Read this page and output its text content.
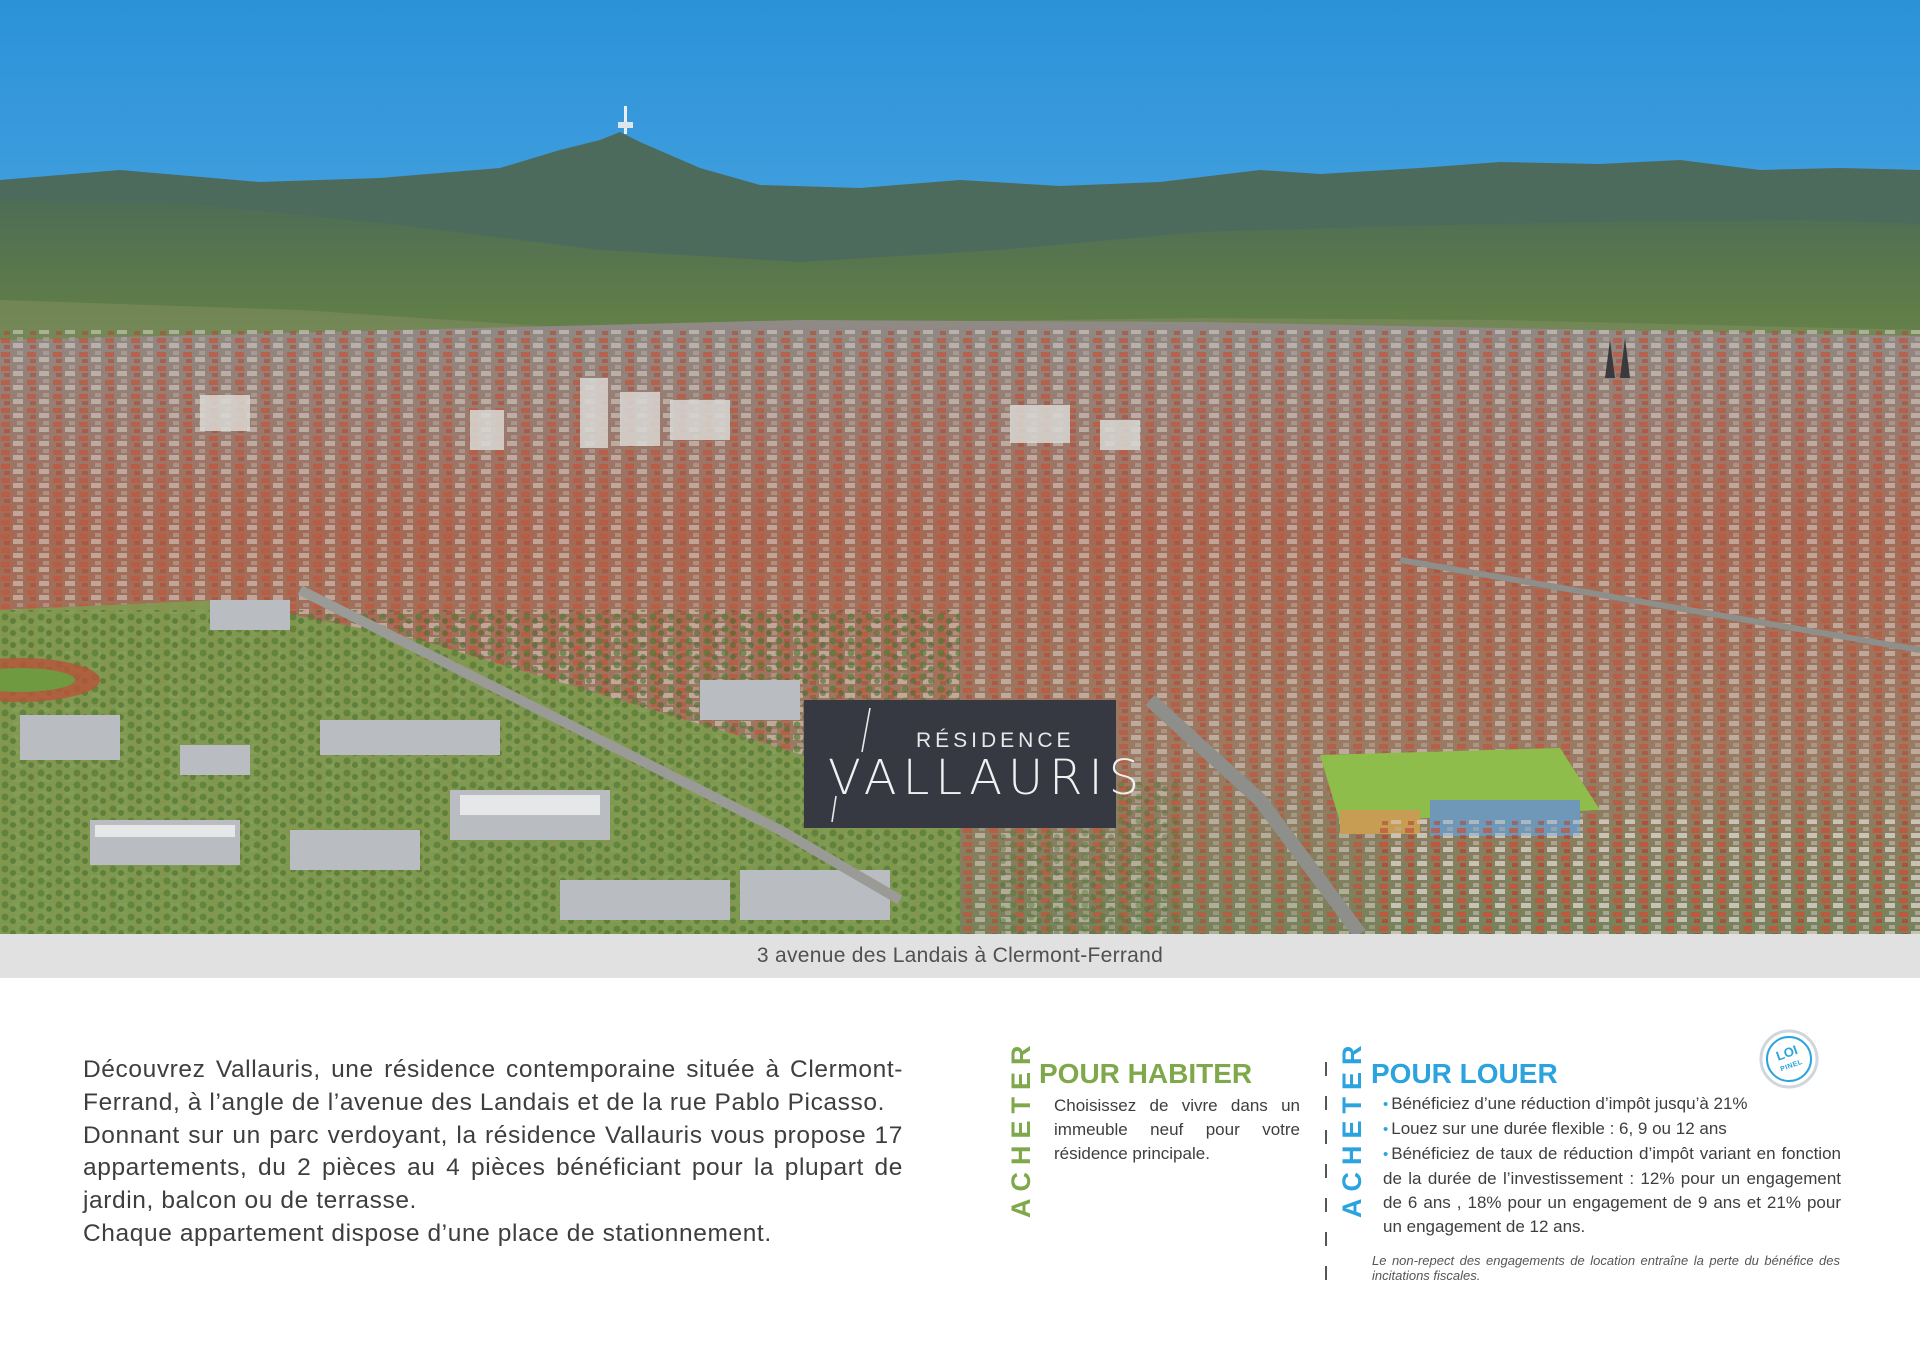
RÉSIDENCE
VALLAURIS
3 avenue des Landais à Clermont-Ferrand

Découvrez Vallauris, une résidence contemporaine située à Clermont-Ferrand, à l’angle de l’avenue des Landais et de la rue Pablo Picasso.

Donnant sur un parc verdoyant, la résidence Vallauris vous propose 17 appartements, du 2 pièces au 4 pièces bénéficiant pour la plupart de jardin, balcon ou de terrasse.

Chaque appartement dispose d’une place de stationnement.

ACHETER POUR HABITER
Choisissez de vivre dans un immeuble neuf pour votre résidence principale.	ACHETER POUR LOUER
• Bénéficiez d’une réduction d’impôt jusqu’à 21%
• Louez sur une durée flexible : 6, 9 ou 12 ans
• Bénéficiez de taux de réduction d’impôt variant en fonction de la durée de l’investissement : 12% pour un engagement de 6 ans , 18% pour un engagement de 9 ans et 21% pour un engagement de 12 ans.
Le non-repect des engagements de location entraîne la perte du bénéfice des incitations fiscales.
LOI
PINEL
